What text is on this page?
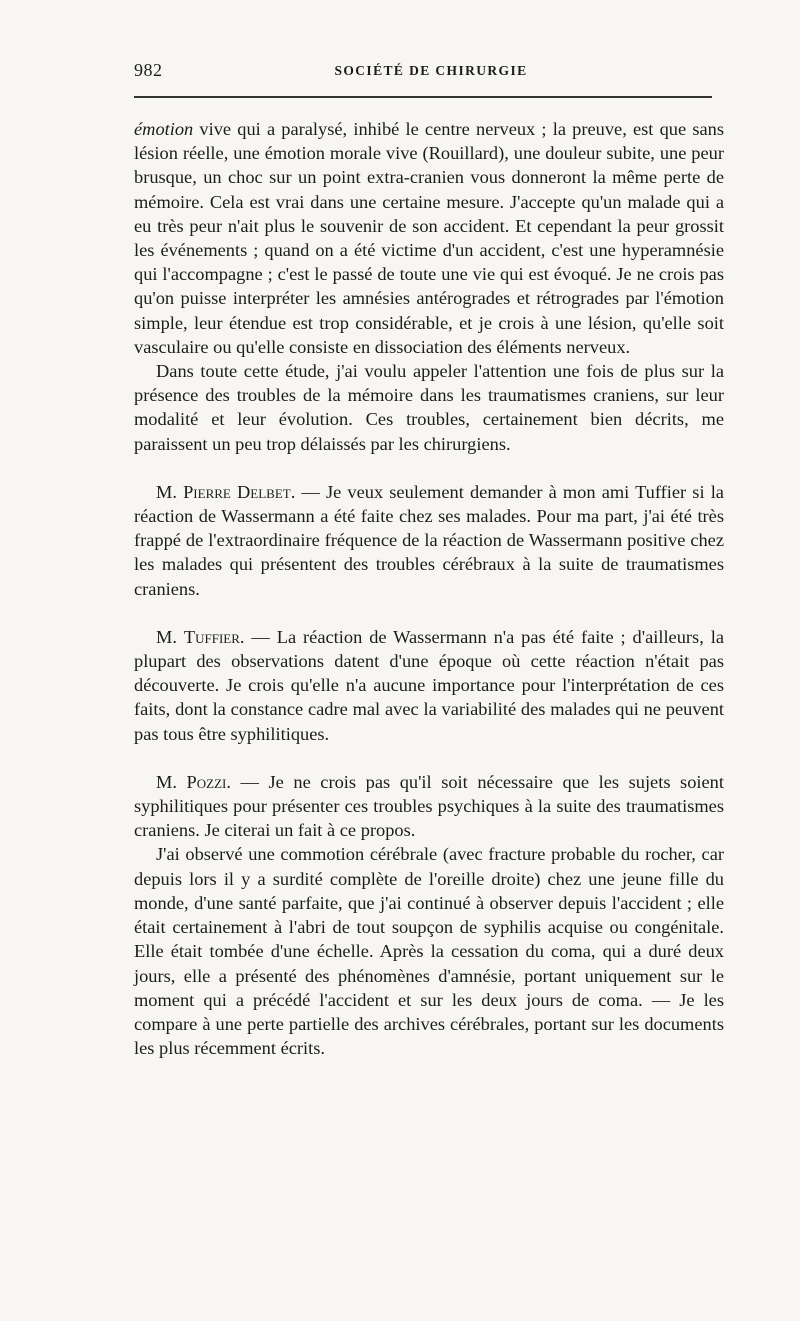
982	SOCIÉTÉ DE CHIRURGIE

émotion vive qui a paralysé, inhibé le centre nerveux ; la preuve, est que sans lésion réelle, une émotion morale vive (Rouillard), une douleur subite, une peur brusque, un choc sur un point extra-cranien vous donneront la même perte de mémoire. Cela est vrai dans une certaine mesure. J'accepte qu'un malade qui a eu très peur n'ait plus le souvenir de son accident. Et cependant la peur grossit les événements ; quand on a été victime d'un accident, c'est une hyperamnésie qui l'accompagne ; c'est le passé de toute une vie qui est évoqué. Je ne crois pas qu'on puisse interpréter les amnésies antérogrades et rétrogrades par l'émotion simple, leur étendue est trop considérable, et je crois à une lésion, qu'elle soit vasculaire ou qu'elle consiste en dissociation des éléments nerveux.

Dans toute cette étude, j'ai voulu appeler l'attention une fois de plus sur la présence des troubles de la mémoire dans les traumatismes craniens, sur leur modalité et leur évolution. Ces troubles, certainement bien décrits, me paraissent un peu trop délaissés par les chirurgiens.

M. Pierre Delbet. — Je veux seulement demander à mon ami Tuffier si la réaction de Wassermann a été faite chez ses malades. Pour ma part, j'ai été très frappé de l'extraordinaire fréquence de la réaction de Wassermann positive chez les malades qui présentent des troubles cérébraux à la suite de traumatismes craniens.

M. Tuffier. — La réaction de Wassermann n'a pas été faite ; d'ailleurs, la plupart des observations datent d'une époque où cette réaction n'était pas découverte. Je crois qu'elle n'a aucune importance pour l'interprétation de ces faits, dont la constance cadre mal avec la variabilité des malades qui ne peuvent pas tous être syphilitiques.

M. Pozzi. — Je ne crois pas qu'il soit nécessaire que les sujets soient syphilitiques pour présenter ces troubles psychiques à la suite des traumatismes craniens. Je citerai un fait à ce propos.

J'ai observé une commotion cérébrale (avec fracture probable du rocher, car depuis lors il y a surdité complète de l'oreille droite) chez une jeune fille du monde, d'une santé parfaite, que j'ai continué à observer depuis l'accident ; elle était certainement à l'abri de tout soupçon de syphilis acquise ou congénitale. Elle était tombée d'une échelle. Après la cessation du coma, qui a duré deux jours, elle a présenté des phénomènes d'amnésie, portant uniquement sur le moment qui a précédé l'accident et sur les deux jours de coma. — Je les compare à une perte partielle des archives cérébrales, portant sur les documents les plus récemment écrits.
